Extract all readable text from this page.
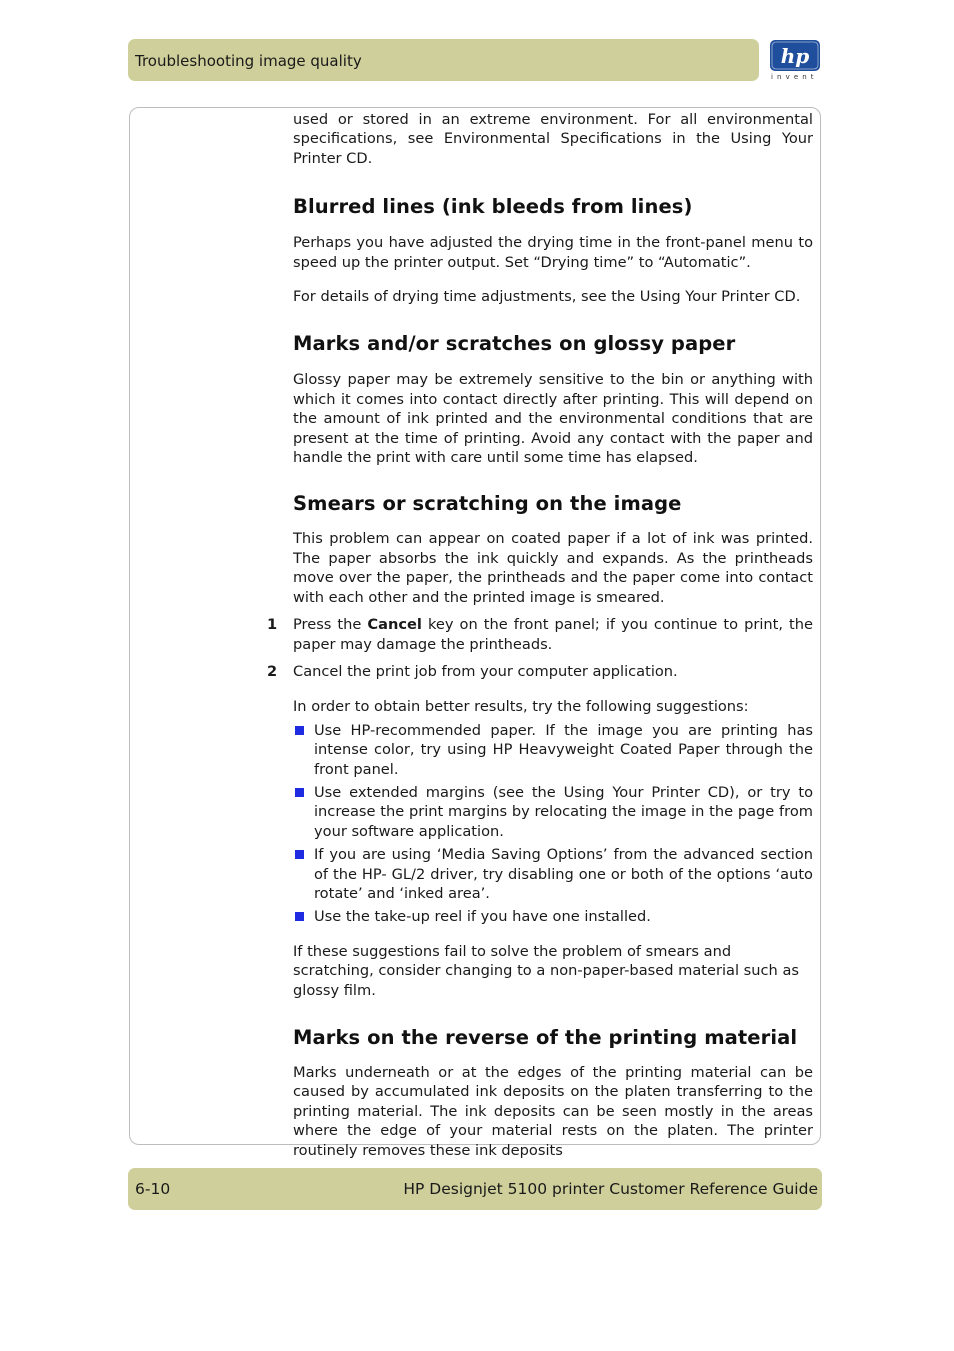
Troubleshooting image quality	hp
invent

used or stored in an extreme environment. For all environmental specifications, see Environmental Specifications in the Using Your Printer CD.

Blurred lines (ink bleeds from lines)

Perhaps you have adjusted the drying time in the front-panel menu to speed up the printer output. Set “Drying time” to “Automatic”.

For details of drying time adjustments, see the Using Your Printer CD.

Marks and/or scratches on glossy paper

Glossy paper may be extremely sensitive to the bin or anything with which it comes into contact directly after printing. This will depend on the amount of ink printed and the environmental conditions that are present at the time of printing. Avoid any contact with the paper and handle the print with care until some time has elapsed.

Smears or scratching on the image

This problem can appear on coated paper if a lot of ink was printed. The paper absorbs the ink quickly and expands. As the printheads move over the paper, the printheads and the paper come into contact with each other and the printed image is smeared.

1 Press the Cancel key on the front panel; if you continue to print, the paper may damage the printheads.

2 Cancel the print job from your computer application.

In order to obtain better results, try the following suggestions:

Use HP-recommended paper. If the image you are printing has intense color, try using HP Heavyweight Coated Paper through the front panel.
Use extended margins (see the Using Your Printer CD), or try to increase the print margins by relocating the image in the page from your software application.
If you are using ‘Media Saving Options’ from the advanced section of the HP- GL/2 driver, try disabling one or both of the options ‘auto rotate’ and ‘inked area’.
Use the take-up reel if you have one installed.

If these suggestions fail to solve the problem of smears and scratching, consider changing to a non-paper-based material such as glossy film.

Marks on the reverse of the printing material

Marks underneath or at the edges of the printing material can be caused by accumulated ink deposits on the platen transferring to the printing material. The ink deposits can be seen mostly in the areas where the edge of your material rests on the platen. The printer routinely removes these ink deposits

6-10	HP Designjet 5100 printer Customer Reference Guide
